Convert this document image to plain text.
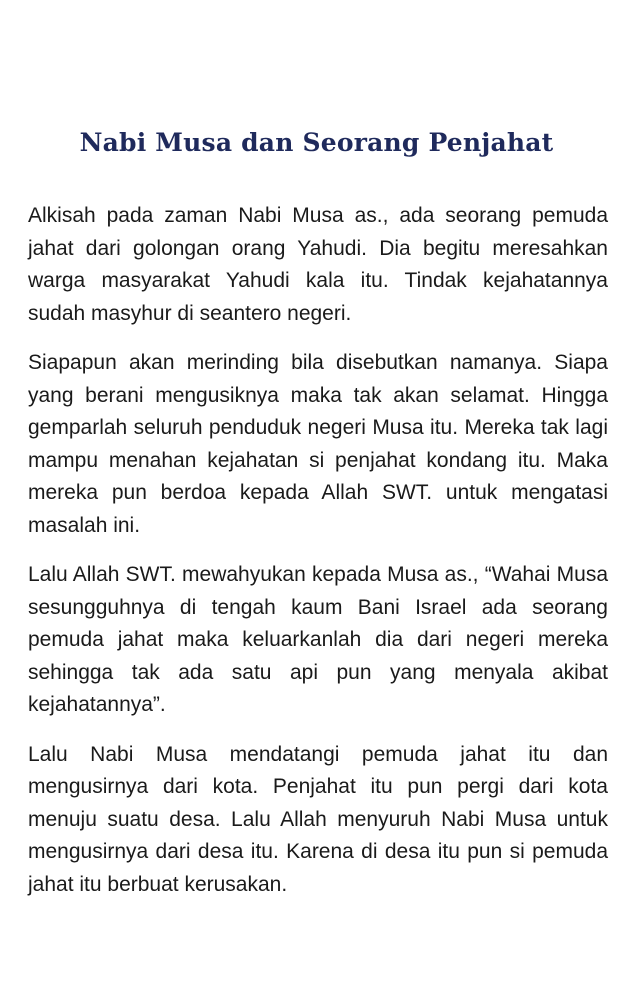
Nabi Musa dan Seorang Penjahat

Alkisah pada zaman Nabi Musa as., ada seorang pemuda jahat dari golongan orang Yahudi. Dia begitu meresahkan warga masyarakat Yahudi kala itu. Tindak kejahatannya sudah masyhur di seantero negeri.

Siapapun akan merinding bila disebutkan namanya. Siapa yang berani mengusiknya maka tak akan selamat. Hingga gemparlah seluruh penduduk negeri Musa itu. Mereka tak lagi mampu menahan kejahatan si penjahat kondang itu. Maka mereka pun berdoa kepada Allah SWT. untuk mengatasi masalah ini.

Lalu Allah SWT. mewahyukan kepada Musa as., “Wahai Musa sesungguhnya di tengah kaum Bani Israel ada seorang pemuda jahat maka keluarkanlah dia dari negeri mereka sehingga tak ada satu api pun yang menyala akibat kejahatannya”.

Lalu Nabi Musa mendatangi pemuda jahat itu dan mengusirnya dari kota. Penjahat itu pun pergi dari kota menuju suatu desa. Lalu Allah menyuruh Nabi Musa untuk mengusirnya dari desa itu. Karena di desa itu pun si pemuda jahat itu berbuat kerusakan.
